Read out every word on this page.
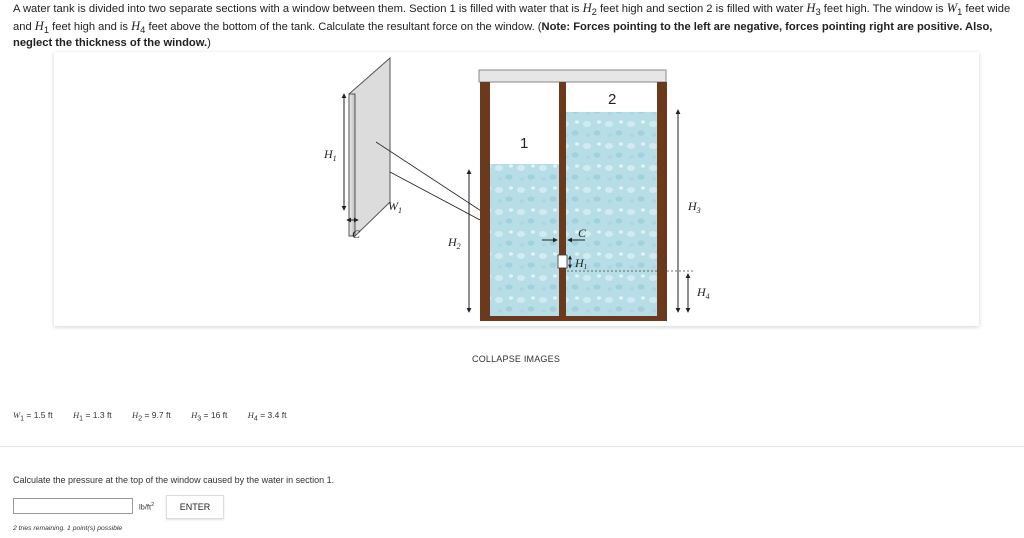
A water tank is divided into two separate sections with a window between them. Section 1 is filled with water that is $H_2$ feet high and section 2 is filled with water $H_3$ feet high. The window is $W_1$ feet wide and $H_1$ feet high and is $H_4$ feet above the bottom of the tank. Calculate the resultant force on the window. (Note: Forces pointing to the left are negative, forces pointing right are positive. Also, neglect the thickness of the window.)
$H_1$
C
$W_1$
1
2
C
H1
$H_2$
$H_3$
$H_4$
COLLAPSE IMAGES
$W_1 = 1.5$ ft $H_1 = 1.3$ ft $H_2 = 9.7$ ft $H_3 = 16$ ft $H_4 = 3.4$ ft
Calculate the pressure at the top of the window caused by the water in section 1.
$lb/ft^2$	ENTER
2 tries remaining. 1 point(s) possible
